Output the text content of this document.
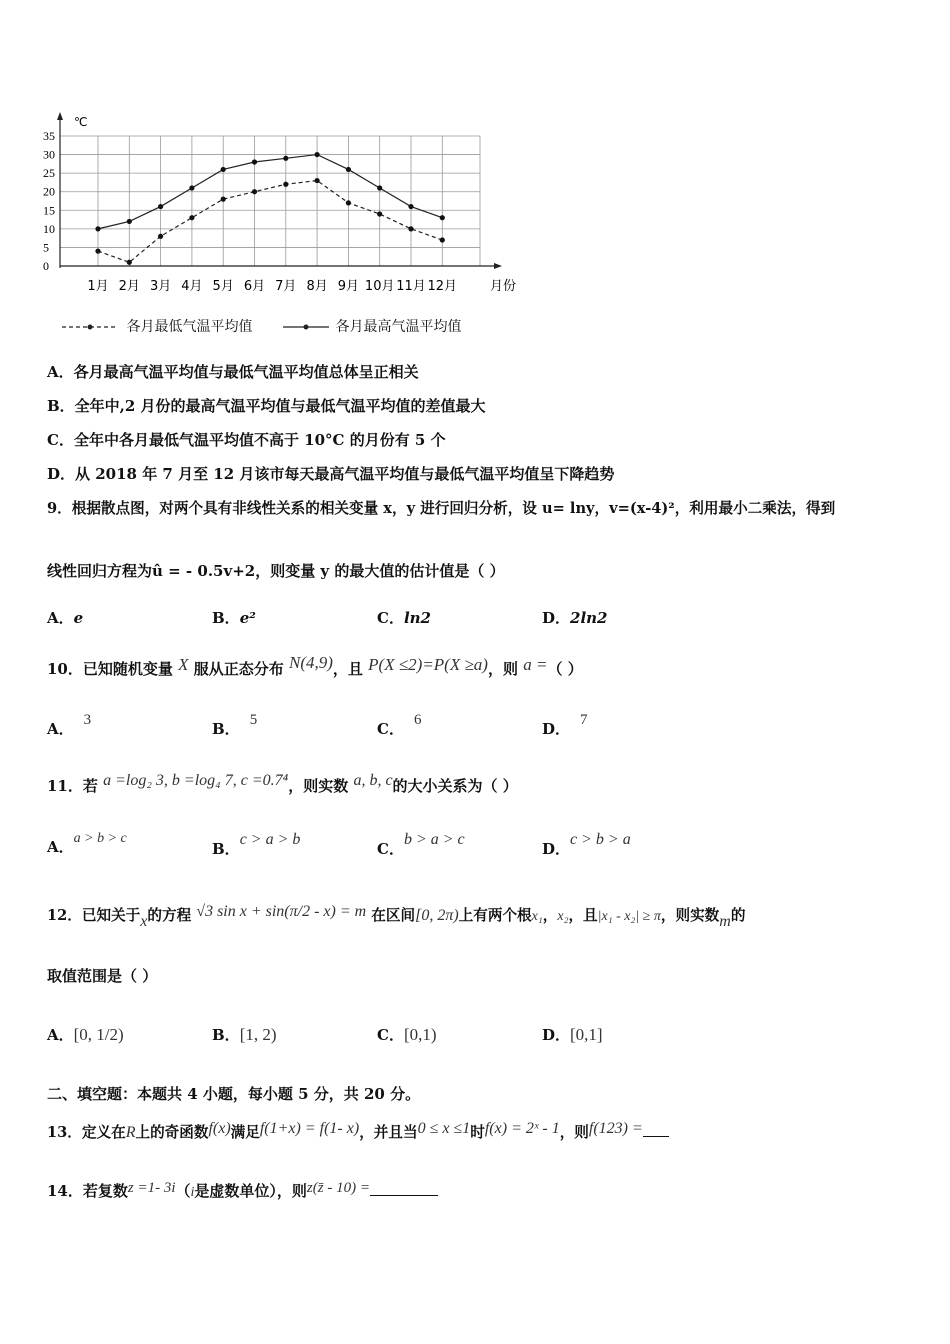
0
5
10
15
20
25
30
35
1月 2月 3月 4月 5月 6月 7月 8月 9月 10月 11月 12月
℃
月份
各月最低气温平均值	各月最高气温平均值
A．各月最高气温平均值与最低气温平均值总体呈正相关
B．全年中,2 月份的最高气温平均值与最低气温平均值的差值最大
C．全年中各月最低气温平均值不高于 10°C 的月份有 5 个
D．从 2018 年 7 月至 12 月该市每天最高气温平均值与最低气温平均值呈下降趋势
9．根据散点图，对两个具有非线性关系的相关变量 x，y 进行回归分析，设 u= lny，v=(x-4)²，利用最小二乘法，得到
线性回归方程为û = - 0.5v+2，则变量 y 的最大值的估计值是（ ）
A．e	B．e²	C．ln2	D．2ln2
10．已知随机变量 X 服从正态分布 N(4,9)，且 P(X ≤2)=P(X ≥a)，则 a =（ ）
A． 3	B． 5	C． 6	D． 7
11．若 a =log₂ 3, b =log₄ 7, c =0.7⁴，则实数 a, b, c的大小关系为（ ）
A．a > b > c
B．c > a > b
C．b > a > c
D．c > b > a
12．已知关于x的方程 √3 sin x + sin(π/2 - x) = m 在区间[0, 2π)上有两个根x₁，x₂，且|x₁ - x₂| ≥ π，则实数m的
取值范围是（ ）
A．[0, 1/2)	B．[1, 2)	C．[0,1)	D．[0,1]
二、填空题：本题共 4 小题，每小题 5 分，共 20 分。
13．定义在R上的奇函数f(x)满足f(1+x) = f(1- x)，并且当0 ≤ x ≤1时f(x) = 2ˣ - 1，则f(123) =
14．若复数z =1- 3i（i是虚数单位），则z(z̄ - 10) =
